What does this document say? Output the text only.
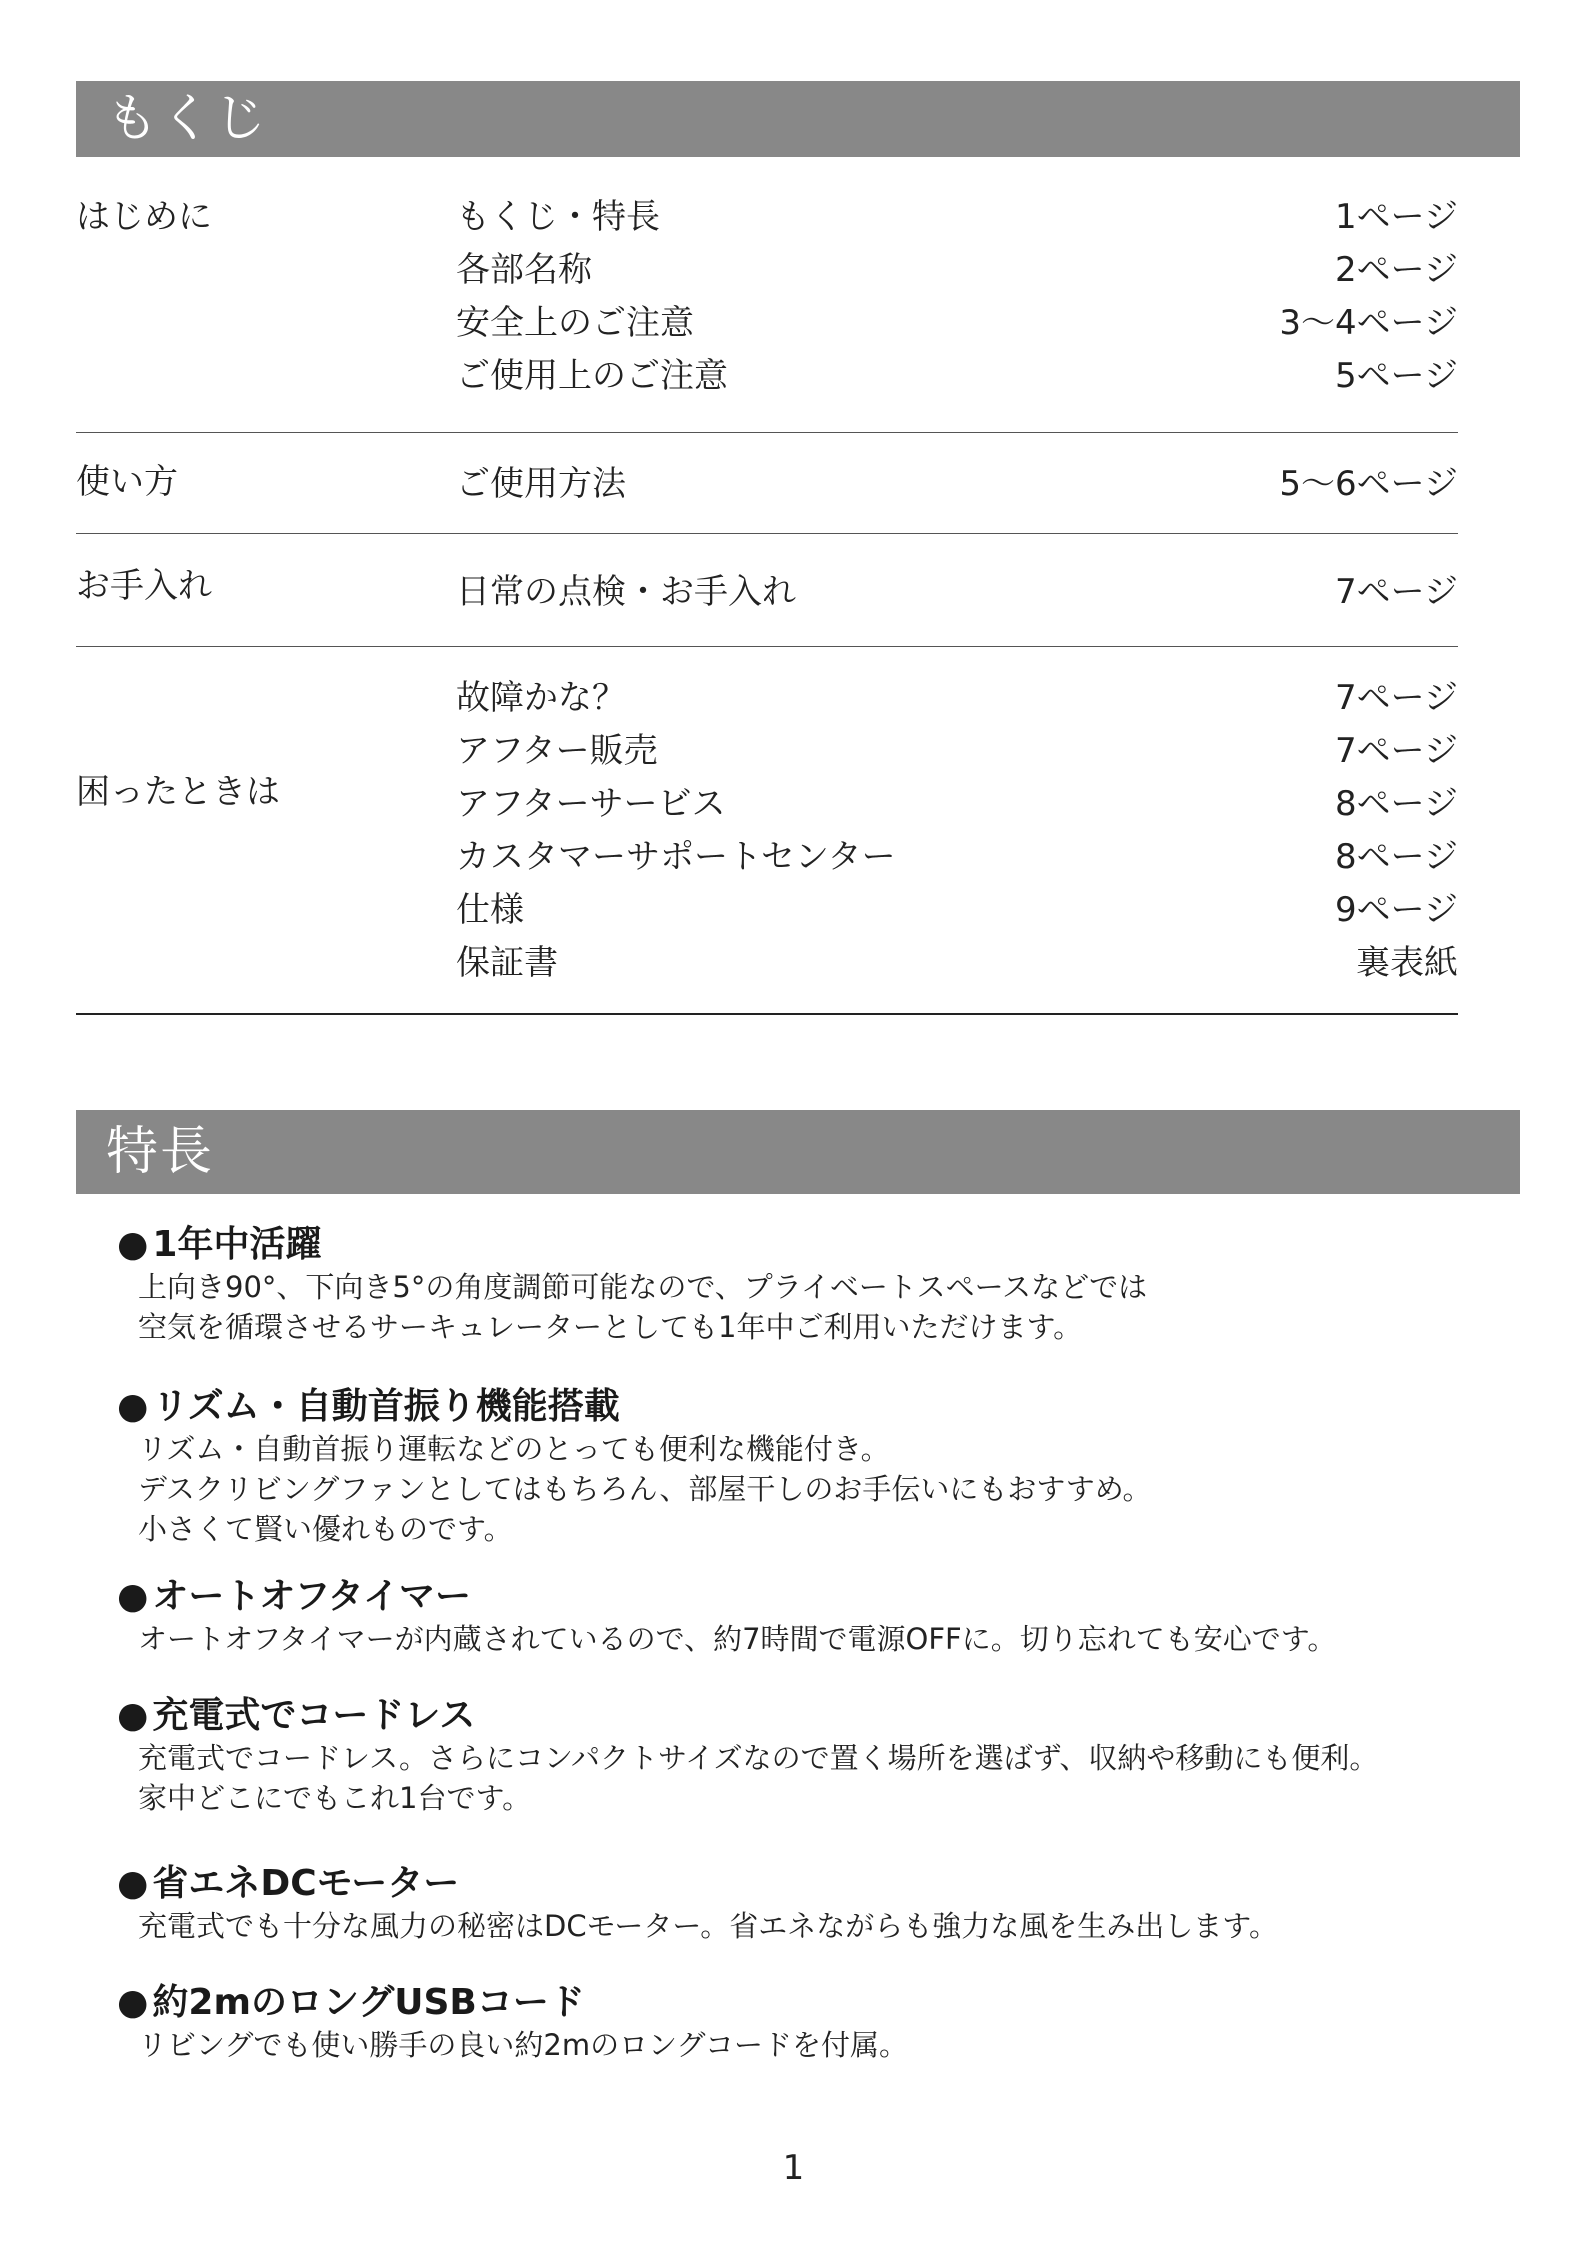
もくじ
はじめに	もくじ・特長	1ページ
各部名称	2ページ
安全上のご注意	3〜4ページ
ご使用上のご注意	5ページ
使い方	ご使用方法	5〜6ページ
お手入れ	日常の点検・お手入れ	7ページ
困ったときは
故障かな？	7ページ
アフター販売	7ページ
アフターサービス	8ページ
カスタマーサポートセンター	8ページ
仕様	9ページ
保証書	裏表紙
特長
● 1年中活躍
上向き90°、下向き5°の角度調節可能なので、プライベートスペースなどでは
空気を循環させるサーキュレーターとしても1年中ご利用いただけます。
● リズム・自動首振り機能搭載
リズム・自動首振り運転などのとっても便利な機能付き。
デスクリビングファンとしてはもちろん、部屋干しのお手伝いにもおすすめ。
小さくて賢い優れものです。
● オートオフタイマー
オートオフタイマーが内蔵されているので、約7時間で電源OFFに。切り忘れても安心です。
● 充電式でコードレス
充電式でコードレス。さらにコンパクトサイズなので置く場所を選ばず、収納や移動にも便利。
家中どこにでもこれ1台です。
● 省エネDCモーター
充電式でも十分な風力の秘密はDCモーター。省エネながらも強力な風を生み出します。
● 約2mのロングUSBコード
リビングでも使い勝手の良い約2mのロングコードを付属。
1
